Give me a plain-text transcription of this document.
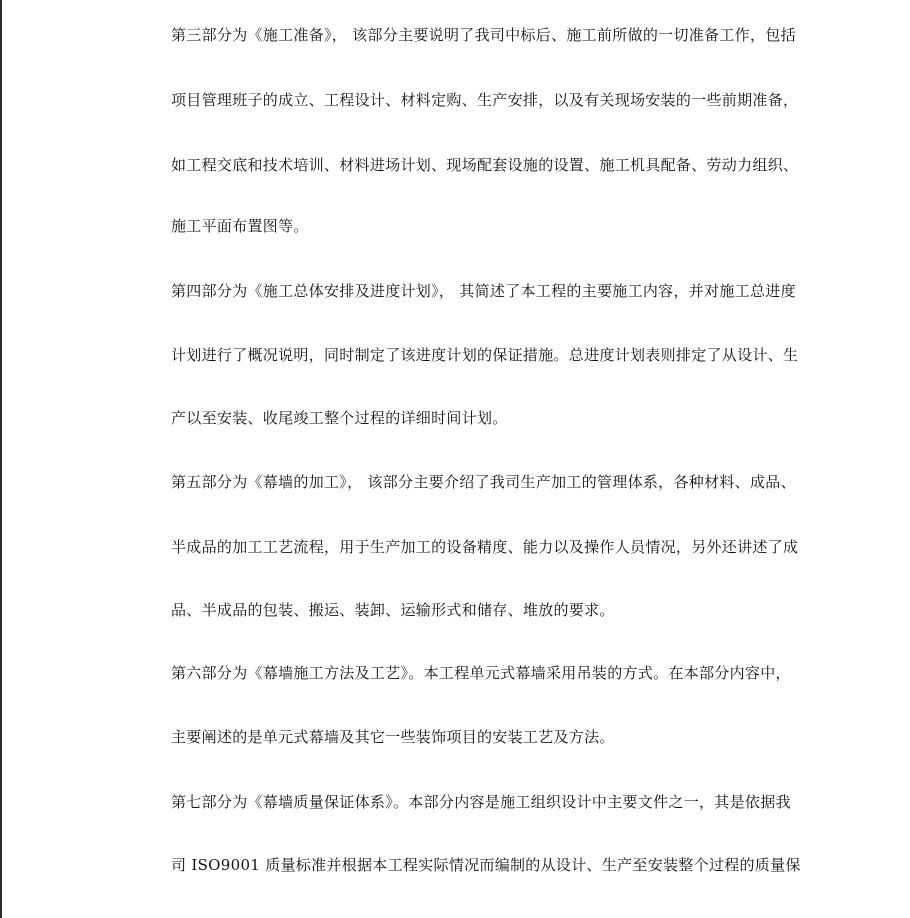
第三部分为《施工准备》， 该部分主要说明了我司中标后、施工前所做的一切准备工作，包括
项目管理班子的成立、工程设计、材料定购、生产安排，以及有关现场安装的一些前期准备，
如工程交底和技术培训、材料进场计划、现场配套设施的设置、施工机具配备、劳动力组织、
施工平面布置图等。
第四部分为《施工总体安排及进度计划》， 其简述了本工程的主要施工内容，并对施工总进度
计划进行了概况说明，同时制定了该进度计划的保证措施。总进度计划表则排定了从设计、生
产以至安装、收尾竣工整个过程的详细时间计划。
第五部分为《幕墙的加工》， 该部分主要介绍了我司生产加工的管理体系，各种材料、成品、
半成品的加工工艺流程，用于生产加工的设备精度、能力以及操作人员情况，另外还讲述了成
品、半成品的包装、搬运、装卸、运输形式和储存、堆放的要求。
第六部分为《幕墙施工方法及工艺》。本工程单元式幕墙采用吊装的方式。在本部分内容中，
主要阐述的是单元式幕墙及其它一些装饰项目的安装工艺及方法。
第七部分为《幕墙质量保证体系》。本部分内容是施工组织设计中主要文件之一，其是依据我
司 ISO9001 质量标准并根据本工程实际情况而编制的从设计、生产至安装整个过程的质量保
